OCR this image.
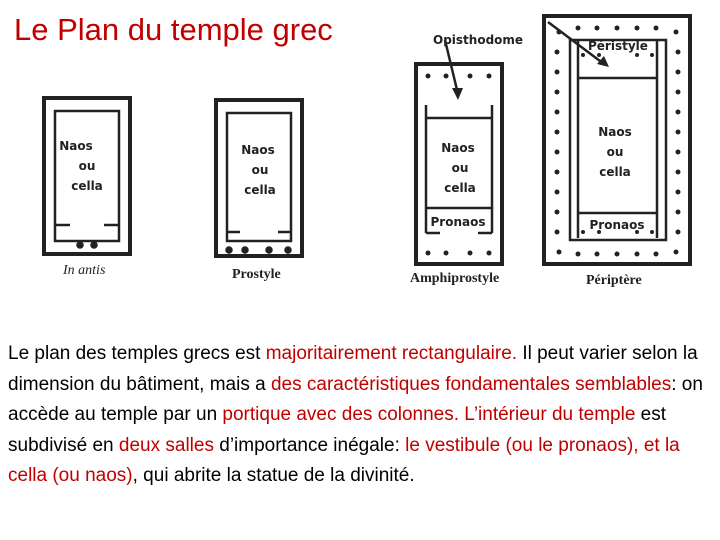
Le Plan du temple grec
Naos
ou
cella
In antis
Naos
ou
cella
Prostyle
Opisthodome
Naos
ou
cella
Pronaos
Amphiprostyle
Péristyle
Naos
ou
cella
Pronaos
Périptère

Le plan des temples grecs est majoritairement rectangulaire. Il peut varier selon la dimension du bâtiment, mais a des caractéristiques fondamentales semblables: on accède au temple par un portique avec des colonnes. L’intérieur du temple est subdivisé en deux salles d’importance inégale: le vestibule (ou le pronaos), et la cella (ou naos), qui abrite la statue de la divinité.
